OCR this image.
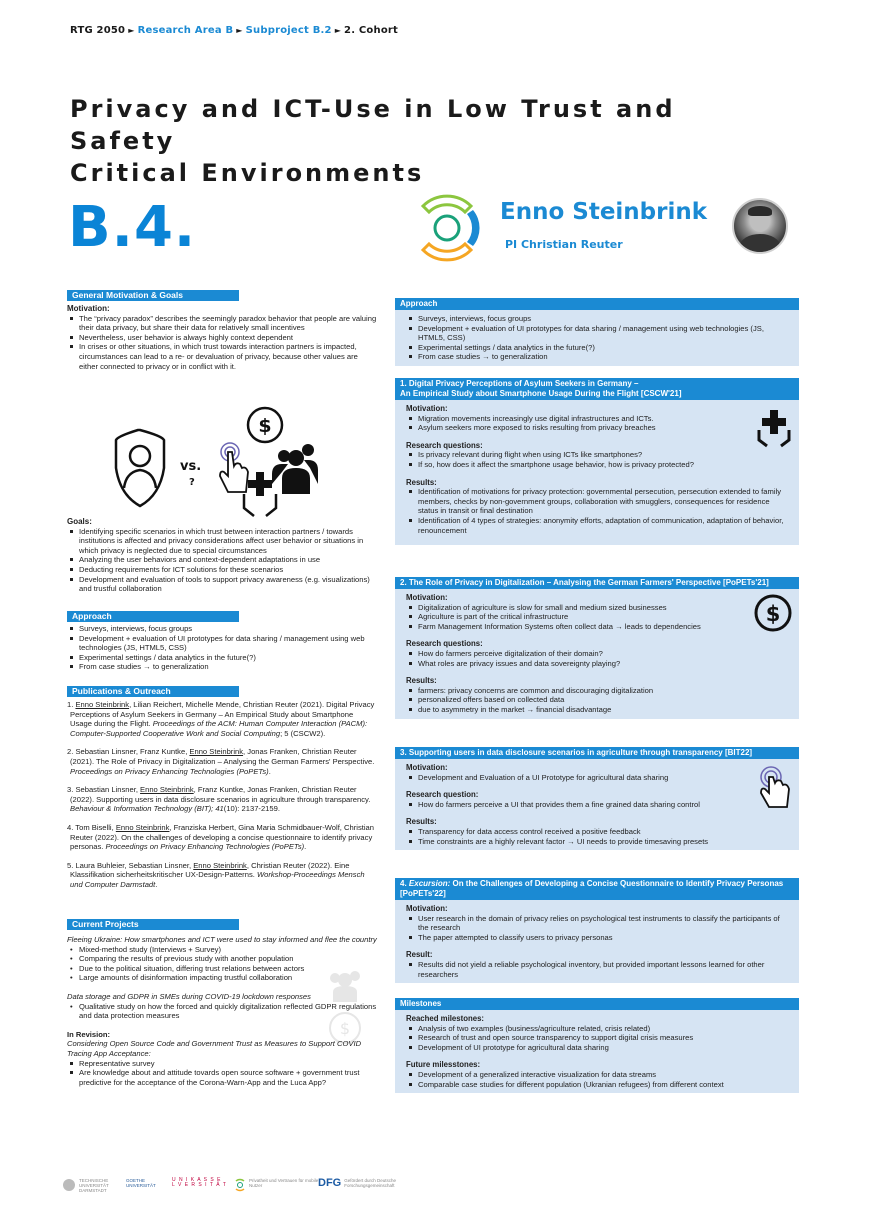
RTG 2050 ► Research Area B ► Subproject B.2 ► 2. Cohort
Privacy and ICT-Use in Low Trust and Safety
Critical Environments
B.4.	Enno Steinbrink
PI Christian Reuter
General Motivation & Goals
Motivation:
The “privacy paradox” describes the seemingly paradox behavior that people are valuing their data privacy, but share their data for relatively small incentives
Nevertheless, user behavior is always highly context dependent
In crises or other situations, in which trust towards interaction partners is impacted, circumstances can lead to a re- or devaluation of privacy, because other values are either connected to privacy or in conflict with it.
vs.
?
$
Goals:
Identifying specific scenarios in which trust between interaction partners / towards institutions is affected and privacy considerations affect user behavior or situations in which privacy is neglected due to special circumstances
Analyzing the user behaviors and context-dependent adaptations in use
Deducting requirements for ICT solutions for these scenarios
Development and evaluation of tools to support privacy awareness (e.g. visualizations) and trustful collaboration
Approach
Surveys, interviews, focus groups
Development + evaluation of UI prototypes for data sharing / management using web technologies (JS, HTML5, CSS)
Experimental settings / data analytics in the future(?)
From case studies → to generalization
Publications & Outreach

1. Enno Steinbrink, Lilian Reichert, Michelle Mende, Christian Reuter (2021). Digital Privacy Perceptions of Asylum Seekers in Germany – An Empirical Study about Smartphone Usage during the Flight. Proceedings of the ACM: Human Computer Interaction (PACM): Computer-Supported Cooperative Work and Social Computing; 5 (CSCW2).

2. Sebastian Linsner, Franz Kuntke, Enno Steinbrink, Jonas Franken, Christian Reuter (2021). The Role of Privacy in Digitalization – Analysing the German Farmers' Perspective. Proceedings on Privacy Enhancing Technologies (PoPETs).

3. Sebastian Linsner, Enno Steinbrink, Franz Kuntke, Jonas Franken, Christian Reuter (2022). Supporting users in data disclosure scenarios in agriculture through transparency. Behaviour & Information Technology (BIT); 41(10): 2137-2159.

4. Tom Biselli, Enno Steinbrink, Franziska Herbert, Gina Maria Schmidbauer-Wolf, Christian Reuter (2022). On the challenges of developing a concise questionnaire to identify privacy personas. Proceedings on Privacy Enhancing Technologies (PoPETs).

5. Laura Buhleier, Sebastian Linsner, Enno Steinbrink, Christian Reuter (2022). Eine Klassifikation sicherheitskritischer UX-Design-Patterns. Workshop-Proceedings Mensch und Computer Darmstadt.

Current Projects
$
Fleeing Ukraine: How smartphones and ICT were used to stay informed and flee the country
• Mixed-method study (Interviews + Survey)
• Comparing the results of previous study with another population
• Due to the political situation, differing trust relations between actors
• Large amounts of disinformation impacting trustful collaboration
Data storage and GDPR in SMEs during COVID-19 lockdown responses
• Qualitative study on how the forced and quickly digitalization reflected GDPR regulations and data protection measures
In Revision:
Considering Open Source Code and Government Trust as Measures to Support COVID Tracing App Acceptance:
Representative survey
Are knowledge about and attitude tovards open source software + government trust predictive for the acceptance of the Corona-Warn-App and the Luca App?
Approach
Surveys, interviews, focus groups
Development + evaluation of UI prototypes for data sharing / management using web technologies (JS, HTML5, CSS)
Experimental settings / data analytics in the future(?)
From case studies → to generalization
1. Digital Privacy Perceptions of Asylum Seekers in Germany –
An Empirical Study about Smartphone Usage During the Flight [CSCW'21]
Motivation:
Migration movements increasingly use digital infrastructures and ICTs.
Asylum seekers more exposed to risks resulting from privacy breaches
Research questions:
Is privacy relevant during flight when using ICTs like smartphones?
If so, how does it affect the smartphone usage behavior, how is privacy protected?
Results:
Identification of motivations for privacy protection: governmental persecution, persecution extended to family members, checks by non-government groups, collaboration with smugglers, consequences for residence status in transit or final destination
Identification of 4 types of strategies: anonymity efforts, adaptation of communication, adaptation of behavior, renouncement
2. The Role of Privacy in Digitalization – Analysing the German Farmers' Perspective [PoPETs'21]
$
Motivation:
Digitalization of agriculture is slow for small and medium sized businesses
Agriculture is part of the critical infrastructure
Farm Management Information Systems often collect data → leads to dependencies
Research questions:
How do farmers perceive digitalization of their domain?
What roles are privacy issues and data sovereignty playing?
Results:
farmers: privacy concerns are common and discouraging digitalization
personalized offers based on collected data
due to asymmetry in the market → financial disadvantage
3. Supporting users in data disclosure scenarios in agriculture through transparency [BIT22]
Motivation:
Development and Evaluation of a UI Prototype for agricultural data sharing
Research question:
How do farmers perceive a UI that provides them a fine grained data sharing control
Results:
Transparency for data access control received a positive feedback
Time constraints are a highly relevant factor → UI needs to provide timesaving presets
4. Excursion: On the Challenges of Developing a Concise Questionnaire to Identify Privacy Personas [PoPETs'22]
Motivation:
User research in the domain of privacy relies on psychological test instruments to classify the participants of the research
The paper attempted to classify users to privacy personas
Result:
Results did not yield a reliable psychological inventory, but provided important lessons learned for other researchers
Milestones
Reached milestones:
Analysis of two examples (business/agriculture related, crisis related)
Research of trust and open source transparency to support digital crisis measures
Development of UI prototype for agricultural data sharing
Future milesstones:
Development of a generalized interactive visualization for data streams
Comparable case studies for different population (Ukranian refugees) from different context
TECHNISCHE UNIVERSITÄT DARMSTADT
GOETHE UNIVERSITÄT
U N I K A S S E L V E R S I T Ä T
Privatheit und Vertrauen für mobile Nutzer	DFG Gefördert durch Deutsche Forschungsgemeinschaft
